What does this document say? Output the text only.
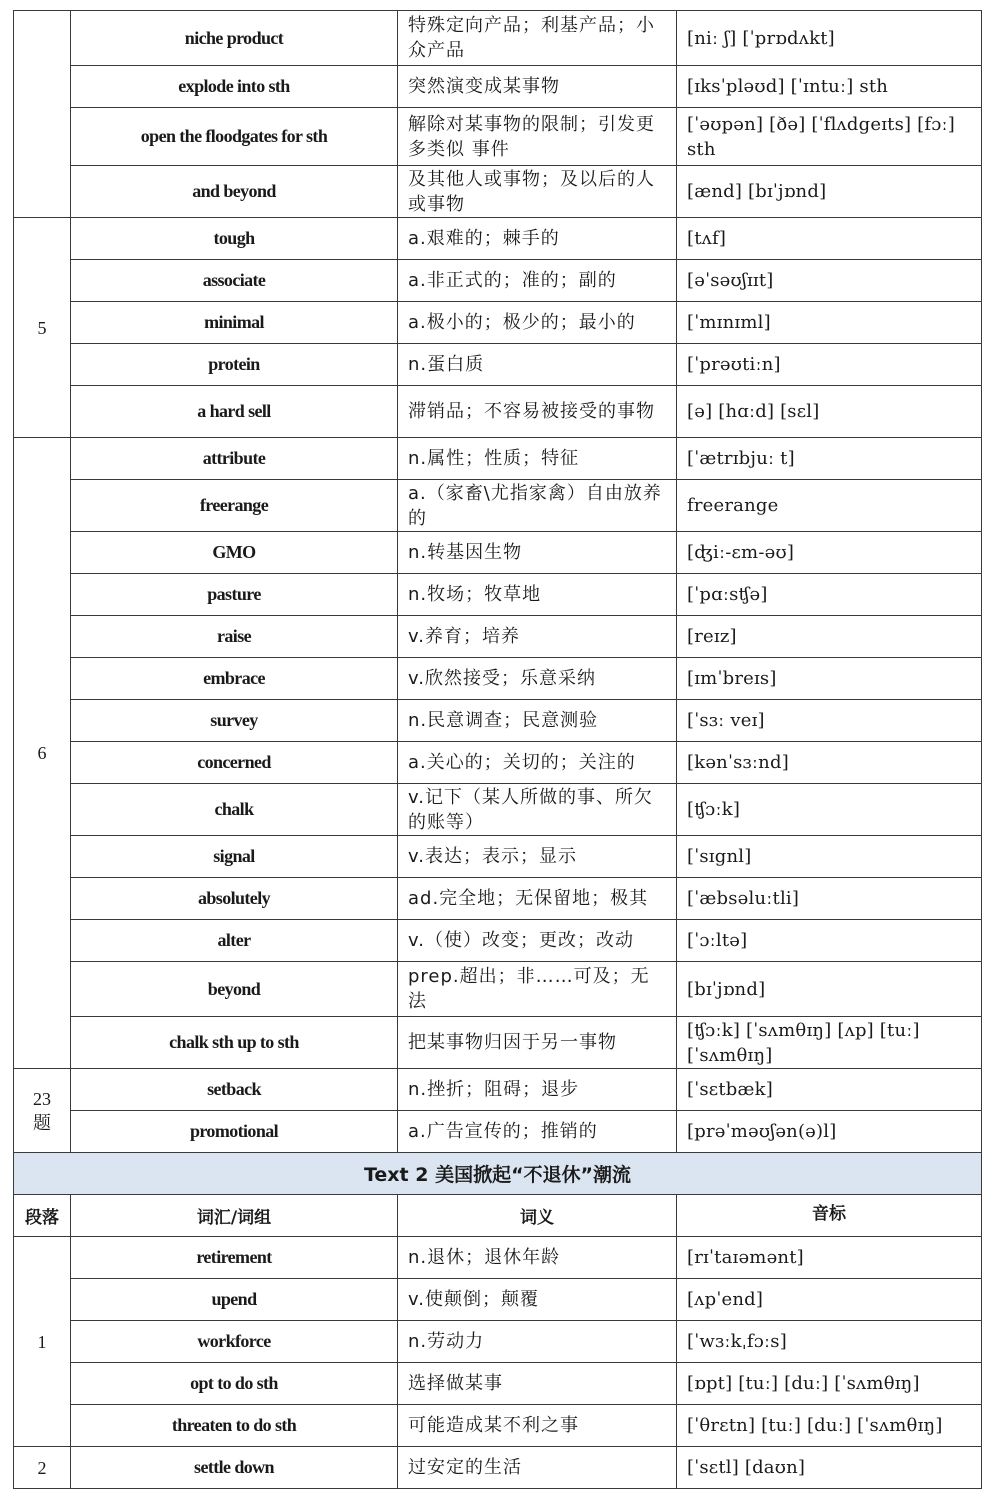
	niche product	特殊定向产品；利基产品；小众产品	[niː ʃ] [ˈprɒdʌkt]
	explode into sth	突然演变成某事物	[ɪksˈpləʊd] [ˈɪntuː] sth
	open the floodgates for sth	解除对某事物的限制；引发更多类似 事件	[ˈəʊpən] [ðə] [ˈflʌdgeɪts] [fɔː] sth
	and beyond	及其他人或事物；及以后的人或事物	[ænd] [bɪˈjɒnd]
5	tough	a.艰难的；棘手的	[tʌf]
	associate	a.非正式的；准的；副的	[əˈsəʊʃɪɪt]
	minimal	a.极小的；极少的；最小的	[ˈmɪnɪml]
	protein	n.蛋白质	[ˈprəʊtiːn]
	a hard sell	滞销品；不容易被接受的事物	[ə] [hɑːd] [sɛl]
6	attribute	n.属性；性质；特征	[ˈætrɪbjuː t]
	freerange	a.（家畜\尤指家禽）自由放养的	freerange
	GMO	n.转基因生物	[ʤiː-ɛm-əʊ]
	pasture	n.牧场；牧草地	[ˈpɑːsʧə]
	raise	v.养育；培养	[reɪz]
	embrace	v.欣然接受；乐意采纳	[ɪmˈbreɪs]
	survey	n.民意调查；民意测验	[ˈsɜː veɪ]
	concerned	a.关心的；关切的；关注的	[kənˈsɜːnd]
	chalk	v.记下（某人所做的事、所欠的账等）	[ʧɔːk]
	signal	v.表达；表示；显示	[ˈsɪgnl]
	absolutely	ad.完全地；无保留地；极其	[ˈæbsəluːtli]
	alter	v.（使）改变；更改；改动	[ˈɔːltə]
	beyond	prep.超出；非……可及；无法	[bɪˈjɒnd]
	chalk sth up to sth	把某事物归因于另一事物	[ʧɔːk] [ˈsʌmθɪŋ] [ʌp] [tuː] [ˈsʌmθɪŋ]
23 题	setback	n.挫折；阻碍；退步	[ˈsɛtbæk]
	promotional	a.广告宣传的；推销的	[prəˈməʊʃən(ə)l]
Text 2 美国掀起“不退休”潮流			
段落	词汇/词组	词义	音标
1	retirement	n.退休；退休年龄	[rɪˈtaɪəmənt]
	upend	v.使颠倒；颠覆	[ʌpˈend]
	workforce	n.劳动力	[ˈwɜːkˌfɔːs]
	opt to do sth	选择做某事	[ɒpt] [tuː] [duː] [ˈsʌmθɪŋ]
	threaten to do sth	可能造成某不利之事	[ˈθrɛtn] [tuː] [duː] [ˈsʌmθɪŋ]
2	settle down	过安定的生活	[ˈsɛtl] [daʊn]
